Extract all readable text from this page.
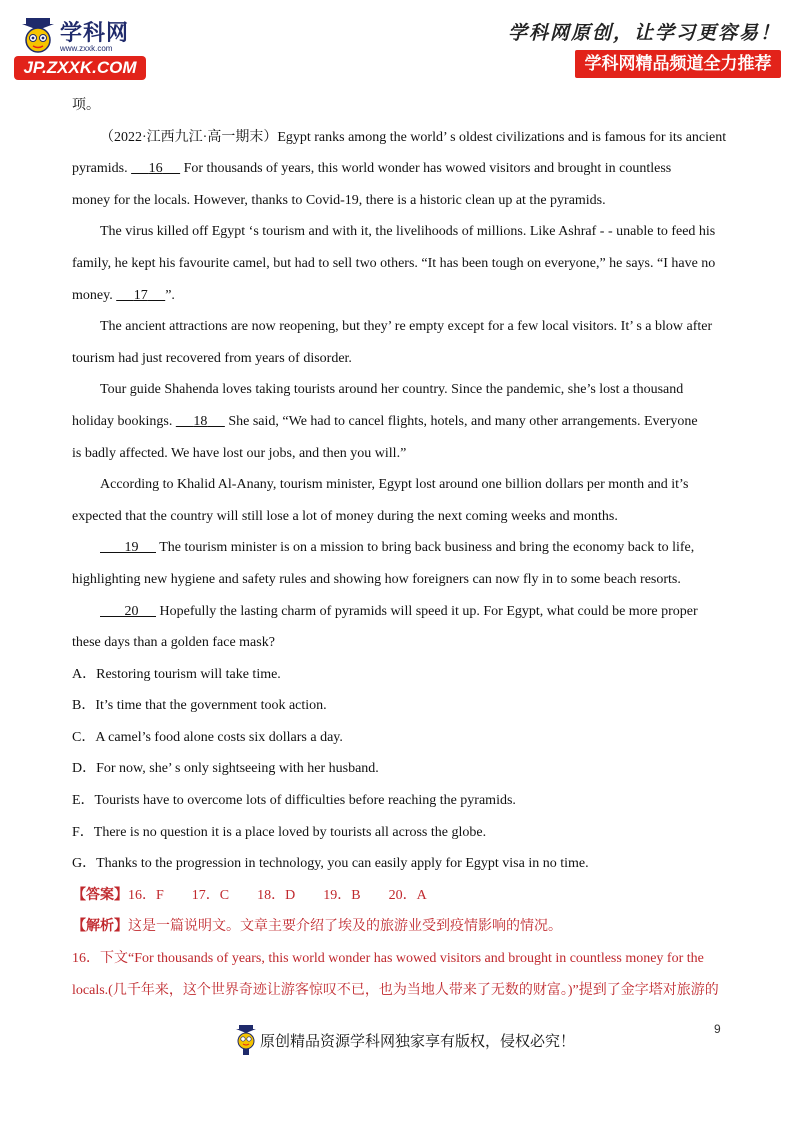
学科网
www.zxxk.com
JP.ZXXK.COM
学科网原创，让学习更容易！
学科网精品频道全力推荐
项。
（2022·江西九江·高一期末）Egypt ranks among the world’ s oldest civilizations and is famous for its ancient
pyramids.      16      For thousands of years, this world wonder has wowed visitors and brought in countless
money for the locals. However, thanks to Covid-19, there is a historic clean up at the pyramids.
The virus killed off Egypt ‘s tourism and with it, the livelihoods of millions. Like Ashraf - - unable to feed his
family, he kept his favourite camel, but had to sell two others. “It has been tough on everyone,” he says. “I have no
money.      17 ”.
The ancient attractions are now reopening, but they’ re empty except for a few local visitors. It’ s a blow after
tourism had just recovered from years of disorder.
Tour guide Shahenda loves taking tourists around her country. Since the pandemic, she’s lost a thousand
holiday bookings.      18      She said, “We had to cancel flights, hotels, and many other arrangements. Everyone
is badly affected. We have lost our jobs, and then you will.”
According to Khalid Al-Anany, tourism minister, Egypt lost around one billion dollars per month and it’s
expected that the country will still lose a lot of money during the next coming weeks and months.
19      The tourism minister is on a mission to bring back business and bring the economy back to life,
highlighting new hygiene and safety rules and showing how foreigners can now fly in to some beach resorts.
20      Hopefully the lasting charm of pyramids will speed it up. For Egypt, what could be more proper
these days than a golden face mask?
A．Restoring tourism will take time.
B．It’s time that the government took action.
C．A camel’s food alone costs six dollars a day.
D．For now, she’ s only sightseeing with her husband.
E．Tourists have to overcome lots of difficulties before reaching the pyramids.
F．There is no question it is a place loved by tourists all across the globe.
G．Thanks to the progression in technology, you can easily apply for Egypt visa in no time.
【答案】16．F　　17．C　　18．D　　19．B　　20．A
【解析】这是一篇说明文。文章主要介绍了埃及的旅游业受到疫情影响的情况。
16．下文“For thousands of years, this world wonder has wowed visitors and brought in countless money for the
locals.(几千年来，这个世界奇迹让游客惊叹不已，也为当地人带来了无数的财富。)”提到了金字塔对旅游的
原创精品资源学科网独家享有版权，侵权必究！
9
